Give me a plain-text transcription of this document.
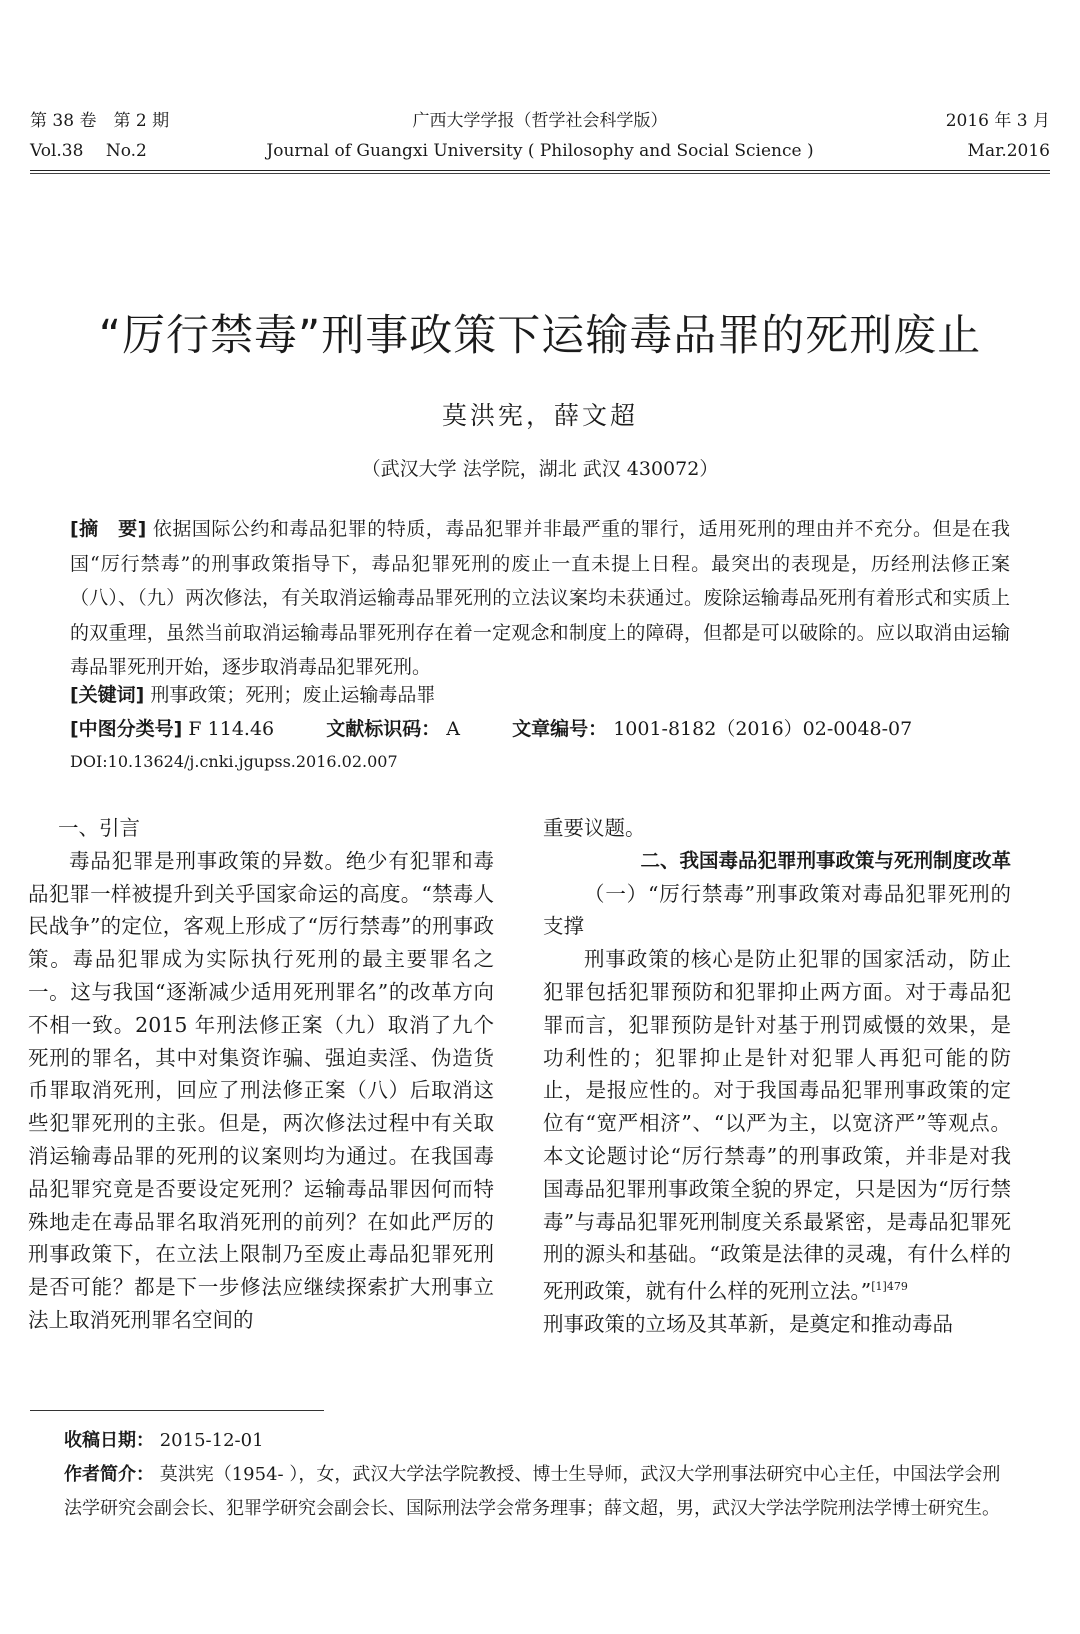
第 38 卷　第 2 期
Vol.38　 No.2
广西大学学报（哲学社会科学版）
Journal of Guangxi University ( Philosophy and Social Science )
2016 年 3 月
Mar.2016
“厉行禁毒”刑事政策下运输毒品罪的死刑废止
莫洪宪，薛文超
（武汉大学 法学院，湖北 武汉 430072）
[摘　要] 依据国际公约和毒品犯罪的特质，毒品犯罪并非最严重的罪行，适用死刑的理由并不充分。但是在我国“厉行禁毒”的刑事政策指导下，毒品犯罪死刑的废止一直未提上日程。最突出的表现是，历经刑法修正案（八）、（九）两次修法，有关取消运输毒品罪死刑的立法议案均未获通过。废除运输毒品死刑有着形式和实质上的双重理，虽然当前取消运输毒品罪死刑存在着一定观念和制度上的障碍，但都是可以破除的。应以取消由运输毒品罪死刑开始，逐步取消毒品犯罪死刑。
[关键词] 刑事政策；死刑；废止运输毒品罪
[中图分类号] F 114.46	文献标识码： A	文章编号： 1001-8182（2016）02-0048-07
DOI:10.13624/j.cnki.jgupss.2016.02.007

一、引言

毒品犯罪是刑事政策的异数。绝少有犯罪和毒品犯罪一样被提升到关乎国家命运的高度。“禁毒人民战争”的定位，客观上形成了“厉行禁毒”的刑事政策。毒品犯罪成为实际执行死刑的最主要罪名之一。这与我国“逐渐减少适用死刑罪名”的改革方向不相一致。2015 年刑法修正案（九）取消了九个死刑的罪名，其中对集资诈骗、强迫卖淫、伪造货币罪取消死刑，回应了刑法修正案（八）后取消这些犯罪死刑的主张。但是，两次修法过程中有关取消运输毒品罪的死刑的议案则均为通过。在我国毒品犯罪究竟是否要设定死刑？运输毒品罪因何而特殊地走在毒品罪名取消死刑的前列？在如此严厉的刑事政策下，在立法上限制乃至废止毒品犯罪死刑是否可能？都是下一步修法应继续探索扩大刑事立法上取消死刑罪名空间的

重要议题。

二、我国毒品犯罪刑事政策与死刑制度改革

（一）“厉行禁毒”刑事政策对毒品犯罪死刑的支撑

刑事政策的核心是防止犯罪的国家活动，防止犯罪包括犯罪预防和犯罪抑止两方面。对于毒品犯罪而言，犯罪预防是针对基于刑罚威慑的效果，是功利性的；犯罪抑止是针对犯罪人再犯可能的防止，是报应性的。对于我国毒品犯罪刑事政策的定位有“宽严相济”、“以严为主，以宽济严”等观点。本文论题讨论“厉行禁毒”的刑事政策，并非是对我国毒品犯罪刑事政策全貌的界定，只是因为“厉行禁毒”与毒品犯罪死刑制度关系最紧密，是毒品犯罪死刑的源头和基础。“政策是法律的灵魂，有什么样的死刑政策，就有什么样的死刑立法。”$^{[1]479}$

刑事政策的立场及其革新，是奠定和推动毒品

收稿日期： 2015-12-01
作者简介： 莫洪宪（1954- ），女，武汉大学法学院教授、博士生导师，武汉大学刑事法研究中心主任，中国法学会刑法学研究会副会长、犯罪学研究会副会长、国际刑法学会常务理事；薛文超，男，武汉大学法学院刑法学博士研究生。
